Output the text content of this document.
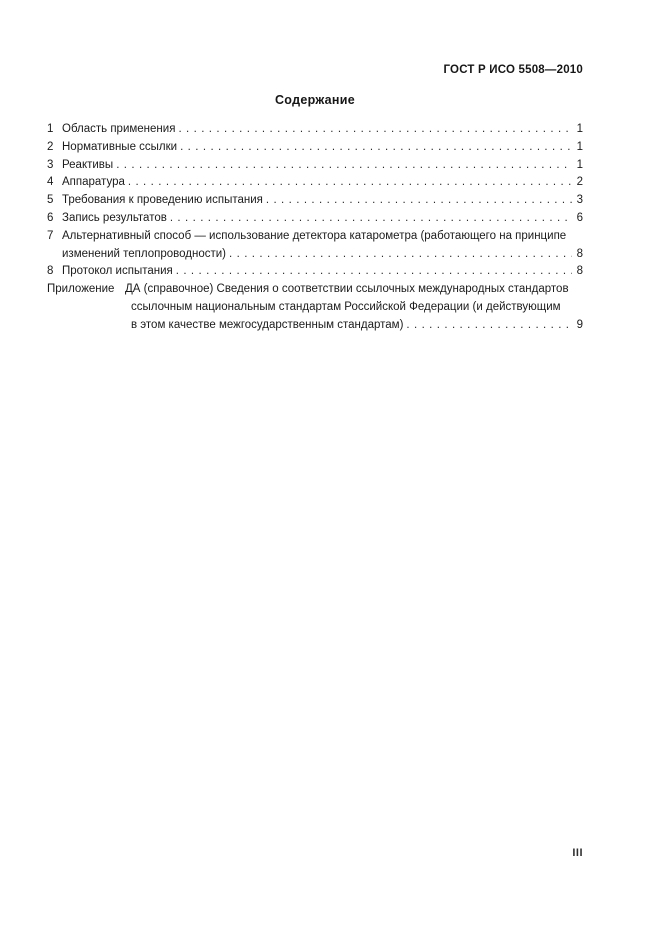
ГОСТ Р ИСО 5508—2010
Содержание
1 Область применения . . .	1
2 Нормативные ссылки . . .	1
3 Реактивы . . .	1
4 Аппаратура . . .	2
5 Требования к проведению испытания . . .	3
6 Запись результатов . . .	6
7 Альтернативный способ — использование детектора катарометра (работающего на принципе
изменений теплопроводности) . . .	8
8 Протокол испытания . . .	8
Приложение ДА (справочное) Сведения о соответствии ссылочных международных стандартов
ссылочным национальным стандартам Российской Федерации (и действующим
в этом качестве межгосударственным стандартам) . . .	9
III
